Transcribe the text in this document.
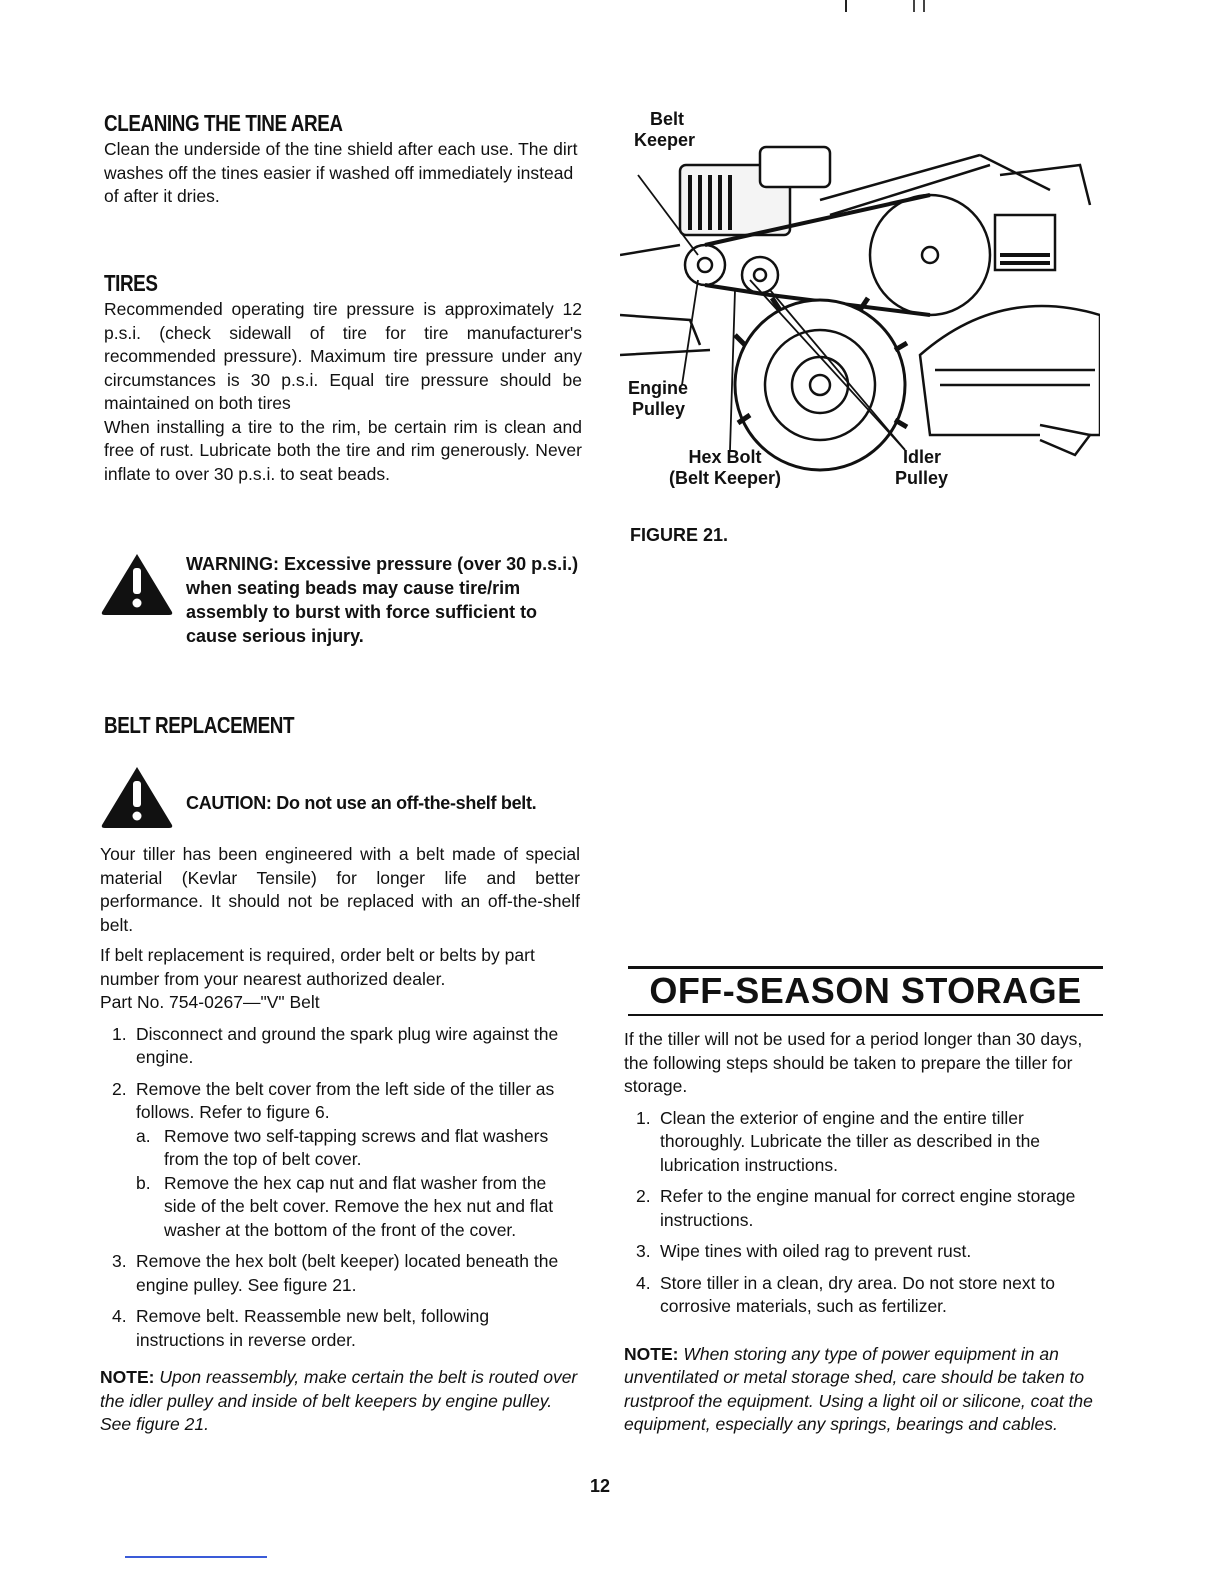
CLEANING THE TINE AREA

Clean the underside of the tine shield after each use. The dirt washes off the tines easier if washed off immediately instead of after it dries.

TIRES

Recommended operating tire pressure is approximately 12 p.s.i. (check sidewall of tire for tire manufacturer's recommended pressure). Maximum tire pressure under any circumstances is 30 p.s.i. Equal tire pressure should be maintained on both tires

When installing a tire to the rim, be certain rim is clean and free of rust. Lubricate both the tire and rim generously. Never inflate to over 30 p.s.i. to seat beads.

WARNING: Excessive pressure (over 30 p.s.i.) when seating beads may cause tire/rim assembly to burst with force sufficient to cause serious injury.
BELT REPLACEMENT
CAUTION: Do not use an off-the-shelf belt.

Your tiller has been engineered with a belt made of special material (Kevlar Tensile) for longer life and better performance. It should not be replaced with an off-the-shelf belt.

If belt replacement is required, order belt or belts by part number from your nearest authorized dealer.

Part No. 754-0267—"V" Belt

1. Disconnect and ground the spark plug wire against the engine.
2. Remove the belt cover from the left side of the tiller as follows. Refer to figure 6.
a. Remove two self-tapping screws and flat washers from the top of belt cover.
b. Remove the hex cap nut and flat washer from the side of the belt cover. Remove the hex nut and flat washer at the bottom of the front of the cover.
3. Remove the hex bolt (belt keeper) located beneath the engine pulley. See figure 21.
4. Remove belt. Reassemble new belt, following instructions in reverse order.

NOTE: Upon reassembly, make certain the belt is routed over the idler pulley and inside of belt keepers by engine pulley. See figure 21.

Belt
Keeper
Engine
Pulley
Hex Bolt
(Belt Keeper)
Idler
Pulley
FIGURE 21.
OFF-SEASON STORAGE

If the tiller will not be used for a period longer than 30 days, the following steps should be taken to prepare the tiller for storage.

1. Clean the exterior of engine and the entire tiller thoroughly. Lubricate the tiller as described in the lubrication instructions.
2. Refer to the engine manual for correct engine storage instructions.
3. Wipe tines with oiled rag to prevent rust.
4. Store tiller in a clean, dry area. Do not store next to corrosive materials, such as fertilizer.

NOTE: When storing any type of power equipment in an unventilated or metal storage shed, care should be taken to rustproof the equipment. Using a light oil or silicone, coat the equipment, especially any springs, bearings and cables.

12
